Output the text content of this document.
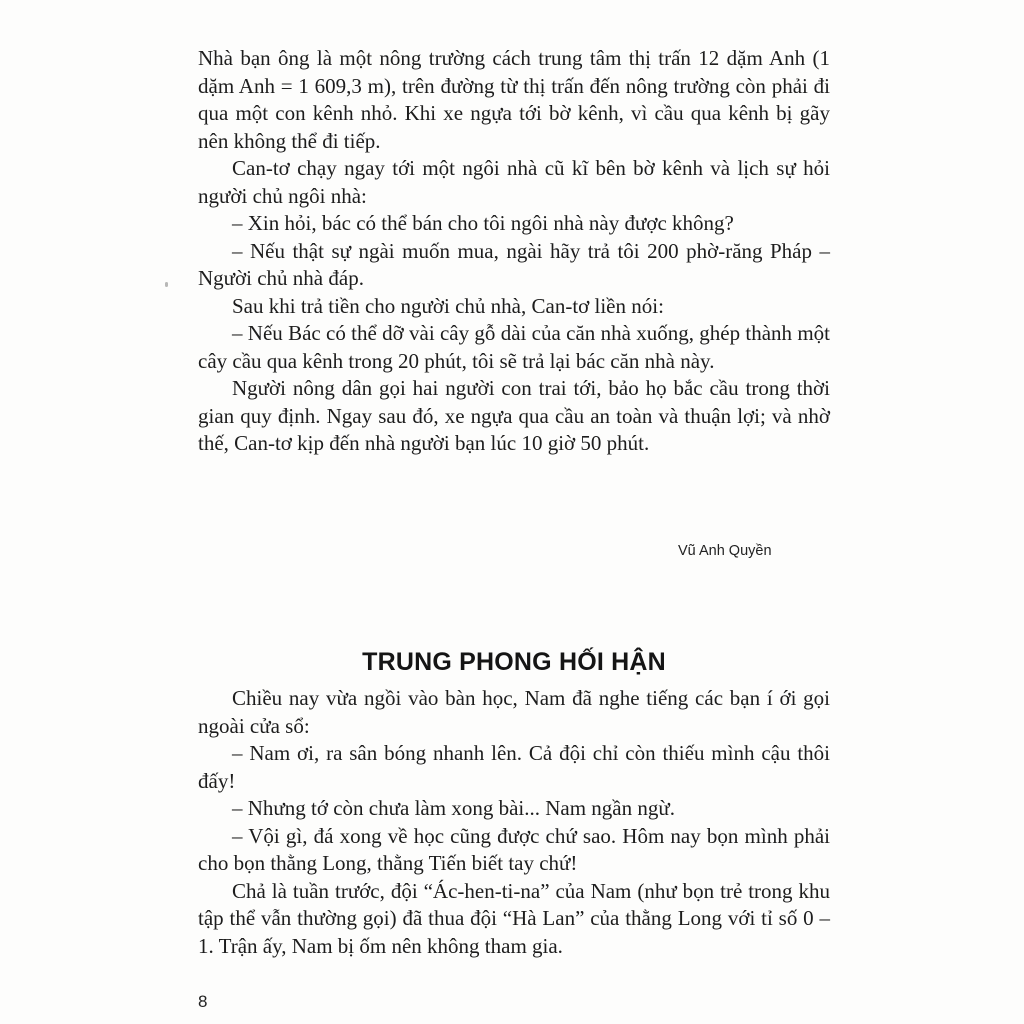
Nhà bạn ông là một nông trường cách trung tâm thị trấn 12 dặm Anh (1 dặm Anh = 1 609,3 m), trên đường từ thị trấn đến nông trường còn phải đi qua một con kênh nhỏ. Khi xe ngựa tới bờ kênh, vì cầu qua kênh bị gãy nên không thể đi tiếp.

Can-tơ chạy ngay tới một ngôi nhà cũ kĩ bên bờ kênh và lịch sự hỏi người chủ ngôi nhà:

– Xin hỏi, bác có thể bán cho tôi ngôi nhà này được không?

– Nếu thật sự ngài muốn mua, ngài hãy trả tôi 200 phờ-răng Pháp – Người chủ nhà đáp.

Sau khi trả tiền cho người chủ nhà, Can-tơ liền nói:

– Nếu Bác có thể dỡ vài cây gỗ dài của căn nhà xuống, ghép thành một cây cầu qua kênh trong 20 phút, tôi sẽ trả lại bác căn nhà này.

Người nông dân gọi hai người con trai tới, bảo họ bắc cầu trong thời gian quy định. Ngay sau đó, xe ngựa qua cầu an toàn và thuận lợi; và nhờ thế, Can-tơ kịp đến nhà người bạn lúc 10 giờ 50 phút.

Vũ Anh Quyền
TRUNG PHONG HỐI HẬN

Chiều nay vừa ngồi vào bàn học, Nam đã nghe tiếng các bạn í ới gọi ngoài cửa sổ:

– Nam ơi, ra sân bóng nhanh lên. Cả đội chỉ còn thiếu mình cậu thôi đấy!

– Nhưng tớ còn chưa làm xong bài... Nam ngần ngừ.

– Vội gì, đá xong về học cũng được chứ sao. Hôm nay bọn mình phải cho bọn thằng Long, thằng Tiến biết tay chứ!

Chả là tuần trước, đội “Ác-hen-ti-na” của Nam (như bọn trẻ trong khu tập thể vẫn thường gọi) đã thua đội “Hà Lan” của thằng Long với tỉ số 0 – 1. Trận ấy, Nam bị ốm nên không tham gia.

8
